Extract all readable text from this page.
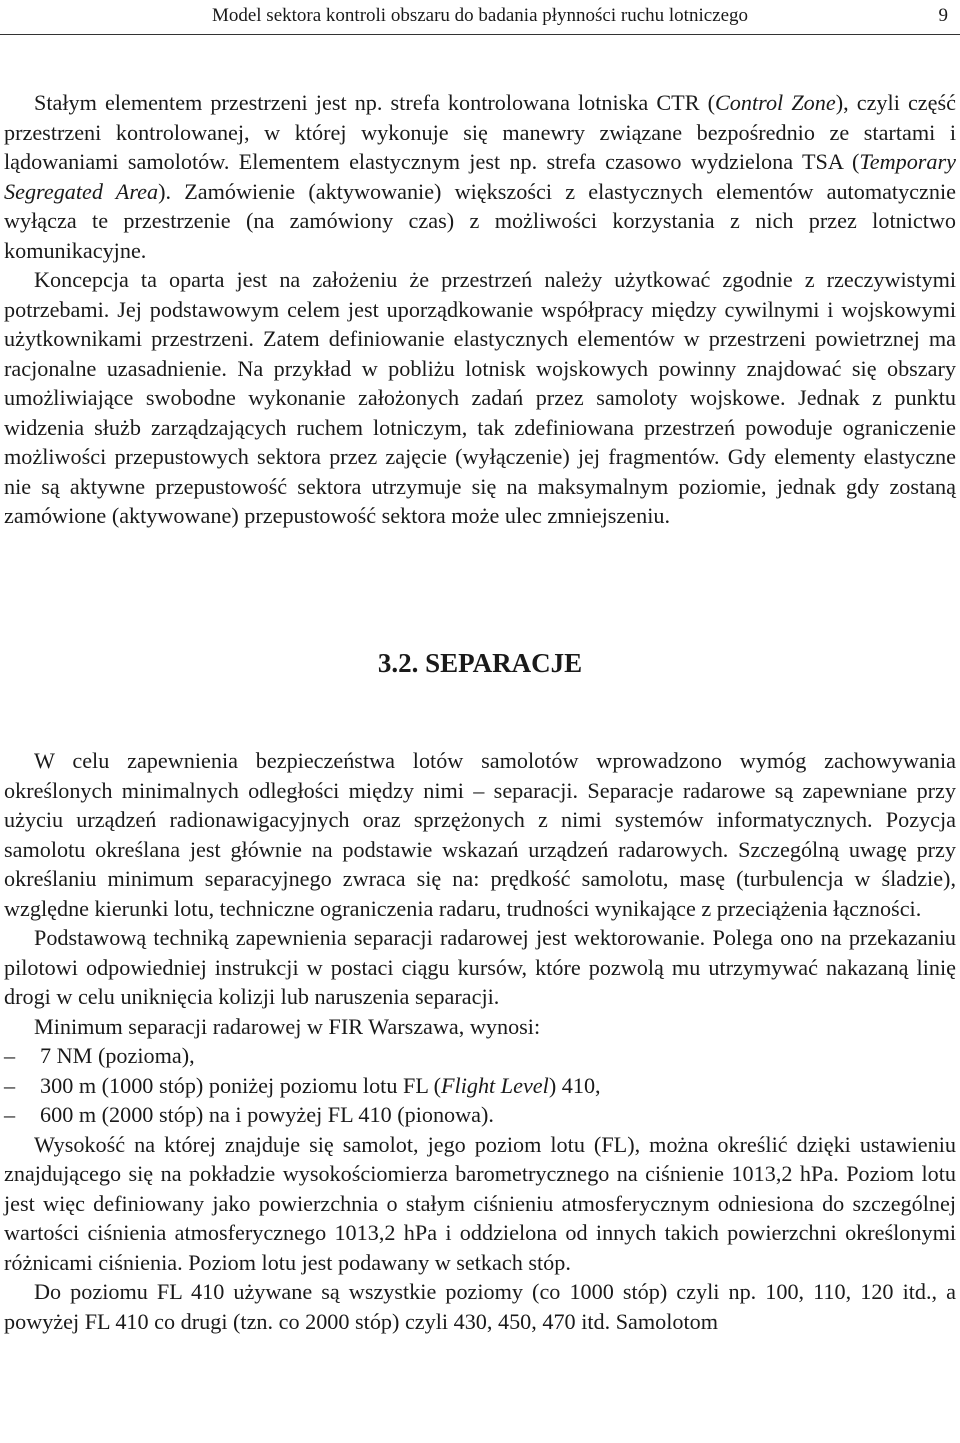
Model sektora kontroli obszaru do badania płynności ruchu lotniczego	9

Stałym elementem przestrzeni jest np. strefa kontrolowana lotniska CTR (Control Zone), czyli część przestrzeni kontrolowanej, w której wykonuje się manewry związane bezpośrednio ze startami i lądowaniami samolotów. Elementem elastycznym jest np. strefa czasowo wydzielona TSA (Temporary Segregated Area). Zamówienie (aktywowanie) większości z elastycznych elementów automatycznie wyłącza te przestrzenie (na zamówiony czas) z możliwości korzystania z nich przez lotnictwo komunikacyjne.

Koncepcja ta oparta jest na założeniu że przestrzeń należy użytkować zgodnie z rzeczywistymi potrzebami. Jej podstawowym celem jest uporządkowanie współpracy między cywilnymi i wojskowymi użytkownikami przestrzeni. Zatem definiowanie elastycznych elementów w przestrzeni powietrznej ma racjonalne uzasadnienie. Na przykład w pobliżu lotnisk wojskowych powinny znajdować się obszary umożliwiające swobodne wykonanie założonych zadań przez samoloty wojskowe. Jednak z punktu widzenia służb zarządzających ruchem lotniczym, tak zdefiniowana przestrzeń powoduje ograniczenie możliwości przepustowych sektora przez zajęcie (wyłączenie) jej fragmentów. Gdy elementy elastyczne nie są aktywne przepustowość sektora utrzymuje się na maksymalnym poziomie, jednak gdy zostaną zamówione (aktywowane) przepustowość sektora może ulec zmniejszeniu.

3.2. SEPARACJE

W celu zapewnienia bezpieczeństwa lotów samolotów wprowadzono wymóg zachowywania określonych minimalnych odległości między nimi – separacji. Separacje radarowe są zapewniane przy użyciu urządzeń radionawigacyjnych oraz sprzężonych z nimi systemów informatycznych. Pozycja samolotu określana jest głównie na podstawie wskazań urządzeń radarowych. Szczególną uwagę przy określaniu minimum separacyjnego zwraca się na: prędkość samolotu, masę (turbulencja w śladzie), względne kierunki lotu, techniczne ograniczenia radaru, trudności wynikające z przeciążenia łączności.

Podstawową techniką zapewnienia separacji radarowej jest wektorowanie. Polega ono na przekazaniu pilotowi odpowiedniej instrukcji w postaci ciągu kursów, które pozwolą mu utrzymywać nakazaną linię drogi w celu uniknięcia kolizji lub naruszenia separacji.

Minimum separacji radarowej w FIR Warszawa, wynosi:

– 7 NM (pozioma),
– 300 m (1000 stóp) poniżej poziomu lotu FL (Flight Level) 410,
– 600 m (2000 stóp) na i powyżej FL 410 (pionowa).

Wysokość na której znajduje się samolot, jego poziom lotu (FL), można określić dzięki ustawieniu znajdującego się na pokładzie wysokościomierza barometrycznego na ciśnienie 1013,2 hPa. Poziom lotu jest więc definiowany jako powierzchnia o stałym ciśnieniu atmosferycznym odniesiona do szczególnej wartości ciśnienia atmosferycznego 1013,2 hPa i oddzielona od innych takich powierzchni określonymi różnicami ciśnienia. Poziom lotu jest podawany w setkach stóp.

Do poziomu FL 410 używane są wszystkie poziomy (co 1000 stóp) czyli np. 100, 110, 120 itd., a powyżej FL 410 co drugi (tzn. co 2000 stóp) czyli 430, 450, 470 itd. Samolotom
